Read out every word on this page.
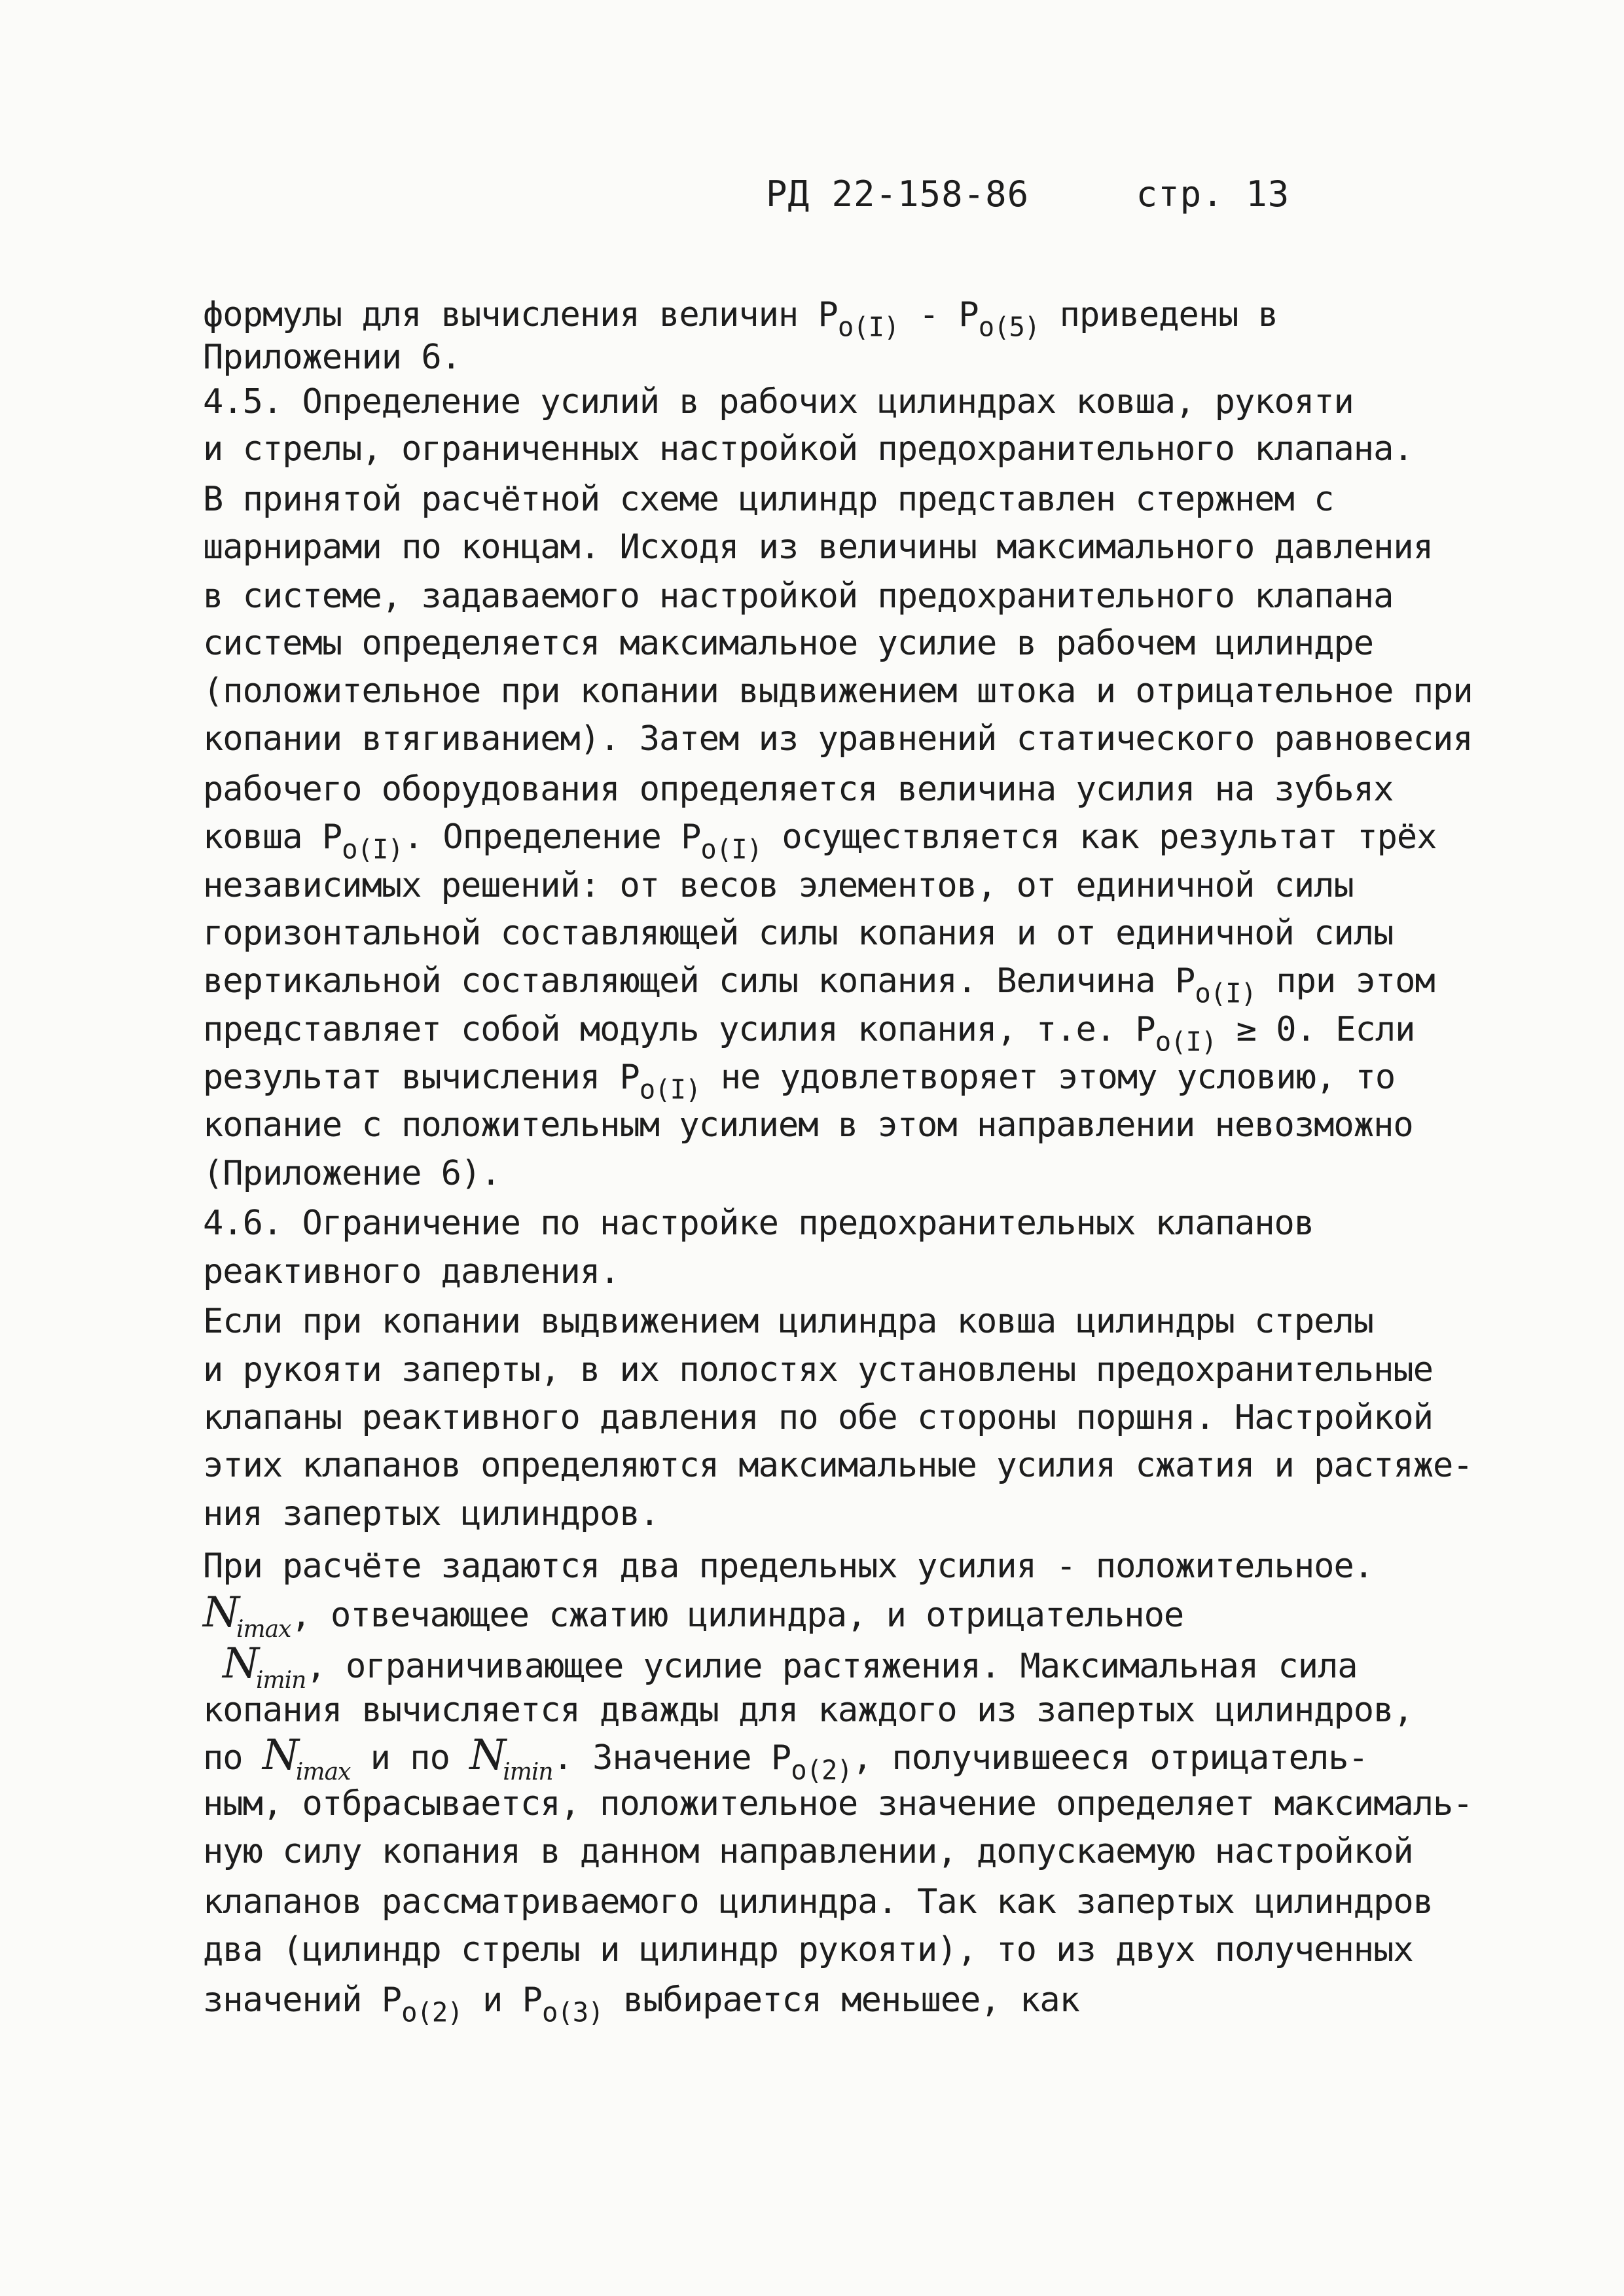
РД 22-158-86	стр. 13
формулы для вычисления величин $P_{о(I)} - P_{о(5)}$ приведены в
Приложении 6.
4.5. Определение усилий в рабочих цилиндрах ковша, рукояти
и стрелы, ограниченных настройкой предохранительного клапана.
В принятой расчётной схеме цилиндр представлен стержнем с
шарнирами по концам. Исходя из величины максимального давления
в системе, задаваемого настройкой предохранительного клапана
системы определяется максимальное усилие в рабочем цилиндре
(положительное при копании выдвижением штока и отрицательное при
копании втягиванием). Затем из уравнений статического равновесия
рабочего оборудования определяется величина усилия на зубьях
ковша $P_{о(I)}$. Определение $P_{о(I)}$ осуществляется как результат трёх
независимых решений: от весов элементов, от единичной силы
горизонтальной составляющей силы копания и от единичной силы
вертикальной составляющей силы копания. Величина $P_{о(I)}$ при этом
представляет собой модуль усилия копания, т.е. $P_{о(I)} \ge 0$. Если
результат вычисления $P_{о(I)}$ не удовлетворяет этому условию, то
копание с положительным усилием в этом направлении невозможно
(Приложение 6).
4.6. Ограничение по настройке предохранительных клапанов
реактивного давления.
Если при копании выдвижением цилиндра ковша цилиндры стрелы
и рукояти заперты, в их полостях установлены предохранительные
клапаны реактивного давления по обе стороны поршня. Настройкой
этих клапанов определяются максимальные усилия сжатия и растяже-
ния запертых цилиндров.
При расчёте задаются два предельных усилия - положительное.
$N_{imax}$, отвечающее сжатию цилиндра, и отрицательное
$N_{imin}$, ограничивающее усилие растяжения. Максимальная сила
копания вычисляется дважды для каждого из запертых цилиндров,
по $N_{imax}$ и по $N_{imin}$. Значение $P_{о(2)}$, получившееся отрицатель-
ным, отбрасывается, положительное значение определяет максималь-
ную силу копания в данном направлении, допускаемую настройкой
клапанов рассматриваемого цилиндра. Так как запертых цилиндров
два (цилиндр стрелы и цилиндр рукояти), то из двух полученных
значений $P_{о(2)}$ и $P_{о(3)}$ выбирается меньшее, как
